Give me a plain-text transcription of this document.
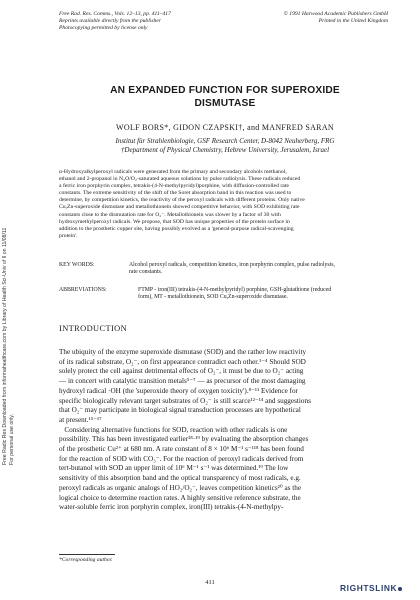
Free Rad. Res. Comms., Vols. 12–13, pp. 411–417
Reprints available directly from the publisher
Photocopying permitted by license only
© 1991 Harwood Academic Publishers GmbH
Printed in the United Kingdom
Free Radic Res Downloaded from informahealthcare.com by Library of Health Sci-Univ of Il on 11/08/11 For personal use only.
AN EXPANDED FUNCTION FOR SUPEROXIDE
DISMUTASE
WOLF BORS*, GIDON CZAPSKI†, and MANFRED SARAN
Institut für Strahlenbiologie, GSF Research Center, D-8042 Neuherberg, FRG
†Department of Physical Chemistry, Hebrew University, Jerusalem, Israel
α-Hydroxyalkylperoxyl radicals were generated from the primary and secondary alcohols methanol,
ethanol and 2-propanol in N₂O/O₂-saturated aqueous solutions by pulse radiolysis. These radicals reduced
a ferric iron porphyrin complex, tetrakis-(4-N-methylpyridyl)porphine, with diffusion-controlled rate
constants. The extreme sensitivity of the shift of the Soret absorption band in this reaction was used to
determine, by competition kinetics, the reactivity of the peroxyl radicals with different proteins. Only native
Cu,Zn-superoxide dismutase and metallothionein showed competitive behavior, with SOD exhibiting rate
constants close to the dismutation rate for O₂⁻. Metallothionein was slower by a factor of 30 with
hydroxymethylperoxyl radicals. We propose, that SOD has unique properties of the protein surface in
addition to the prosthetic copper site, having possibly evolved as a 'general-purpose radical-scavenging
protein'.
KEY WORDS:	Alcohol peroxyl radicals, competition kinetics, iron porphyrin complex, pulse radiolysis,
rate constants.
ABBREVIATIONS:	FTMP - iron(III) tetrakis-(4-N-methylpyridyl) porphine, GSH-glutathione (reduced
form), MT - metallothionein, SOD Cu,Zn-superoxide dismutase.
INTRODUCTION

The ubiquity of the enzyme superoxide dismutase (SOD) and the rather low reactivity
of its radical substrate, O₂⁻, on first appearance contradict each other.¹⁻⁴ Should SOD
solely protect the cell against detrimental effects of O₂⁻, it must be due to O₂⁻ acting
— in concert with catalytic transition metals⁵⁻⁷ — as precursor of the most damaging
hydroxyl radical ·OH (the 'superoxide theory of oxygen toxicity').⁸⁻¹¹ Evidence for
specific biologically relevant target substrates of O₂⁻ is still scarce¹²⁻¹⁴ and suggestions
that O₂⁻ may participate in biological signal transduction processes are hypothetical
at present.¹⁵⁻¹⁷

Considering alternative functions for SOD, reaction with other radicals is one
possibility. This has been investigated earlier¹⁸·¹⁹ by evaluating the absorption changes
of the prosthetic Cu²⁺ at 680 nm. A rate constant of 8 × 10⁶ M⁻¹ s⁻¹¹⁸ has been found
for the reaction of SOD with CO₃⁻. For the reaction of peroxyl radicals derived from
tert-butanol with SOD an upper limit of 10⁶ M⁻¹ s⁻¹ was determined.¹⁹ The low
sensitivity of this absorption band and the optical transparency of most radicals, e.g.
peroxyl radicals as organic analogs of HO₂/O₂⁻, leaves competition kinetics²⁰ as the
logical choice to determine reaction rates. A highly sensitive reference substrate, the
water-soluble ferric iron porphyrin complex, iron(III) tetrakis-(4-N-methylpy-

*Corresponding author.
411
RIGHTSLINK
